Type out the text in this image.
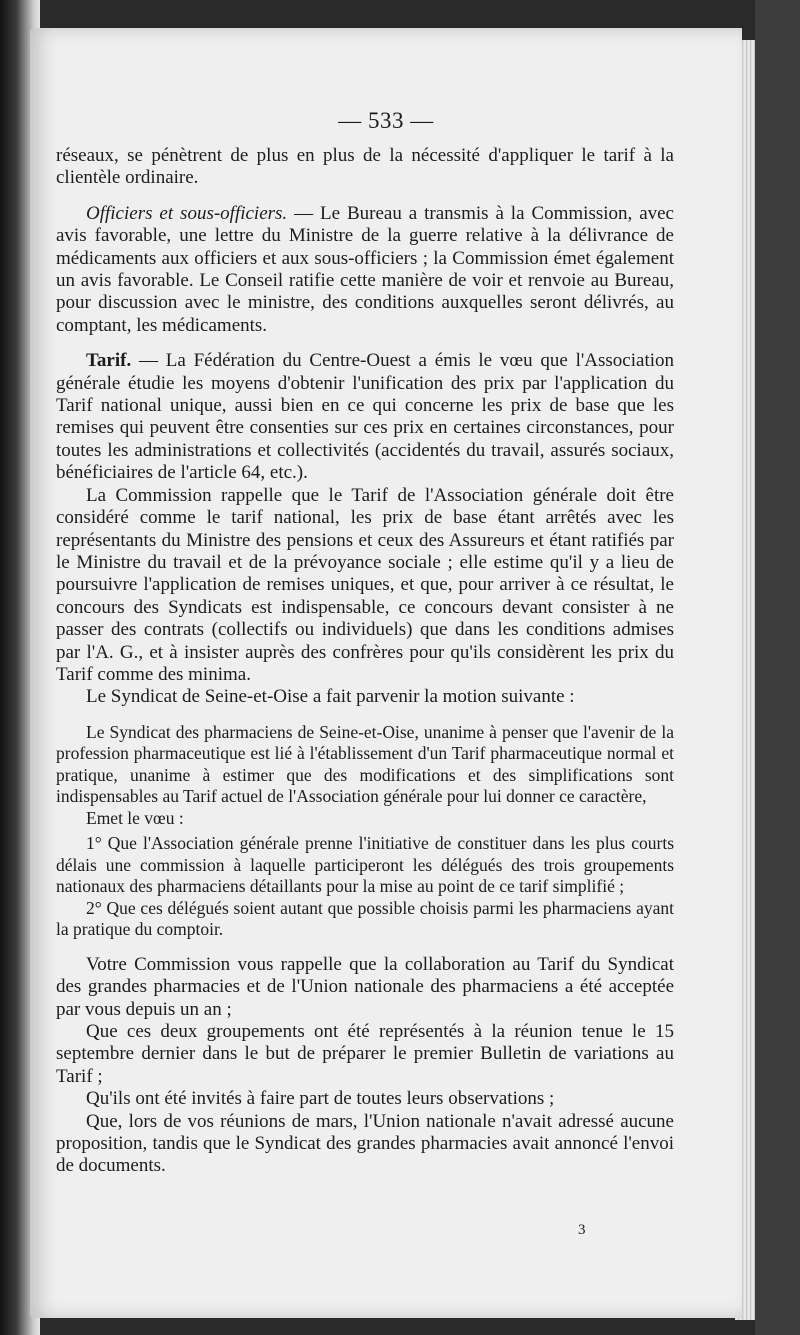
— 533 —

réseaux, se pénètrent de plus en plus de la nécessité d'appliquer le tarif à la clientèle ordinaire.

Officiers et sous-officiers. — Le Bureau a transmis à la Commission, avec avis favorable, une lettre du Ministre de la guerre relative à la délivrance de médicaments aux officiers et aux sous-officiers ; la Commission émet également un avis favorable. Le Conseil ratifie cette manière de voir et renvoie au Bureau, pour discussion avec le ministre, des conditions auxquelles seront délivrés, au comptant, les médicaments.

Tarif. — La Fédération du Centre-Ouest a émis le vœu que l'Association générale étudie les moyens d'obtenir l'unification des prix par l'application du Tarif national unique, aussi bien en ce qui concerne les prix de base que les remises qui peuvent être consenties sur ces prix en certaines circonstances, pour toutes les administrations et collectivités (accidentés du travail, assurés sociaux, bénéficiaires de l'article 64, etc.).

La Commission rappelle que le Tarif de l'Association générale doit être considéré comme le tarif national, les prix de base étant arrêtés avec les représentants du Ministre des pensions et ceux des Assureurs et étant ratifiés par le Ministre du travail et de la prévoyance sociale ; elle estime qu'il y a lieu de poursuivre l'application de remises uniques, et que, pour arriver à ce résultat, le concours des Syndicats est indispensable, ce concours devant consister à ne passer des contrats (collectifs ou individuels) que dans les conditions admises par l'A. G., et à insister auprès des confrères pour qu'ils considèrent les prix du Tarif comme des minima.

Le Syndicat de Seine-et-Oise a fait parvenir la motion suivante :

Le Syndicat des pharmaciens de Seine-et-Oise, unanime à penser que l'avenir de la profession pharmaceutique est lié à l'établissement d'un Tarif pharmaceutique normal et pratique, unanime à estimer que des modifications et des simplifications sont indispensables au Tarif actuel de l'Association générale pour lui donner ce caractère,

Emet le vœu :

1° Que l'Association générale prenne l'initiative de constituer dans les plus courts délais une commission à laquelle participeront les délégués des trois groupements nationaux des pharmaciens détaillants pour la mise au point de ce tarif simplifié ;

2° Que ces délégués soient autant que possible choisis parmi les pharmaciens ayant la pratique du comptoir.

Votre Commission vous rappelle que la collaboration au Tarif du Syndicat des grandes pharmacies et de l'Union nationale des pharmaciens a été acceptée par vous depuis un an ;

Que ces deux groupements ont été représentés à la réunion tenue le 15 septembre dernier dans le but de préparer le premier Bulletin de variations au Tarif ;

Qu'ils ont été invités à faire part de toutes leurs observations ;

Que, lors de vos réunions de mars, l'Union nationale n'avait adressé aucune proposition, tandis que le Syndicat des grandes pharmacies avait annoncé l'envoi de documents.

3
